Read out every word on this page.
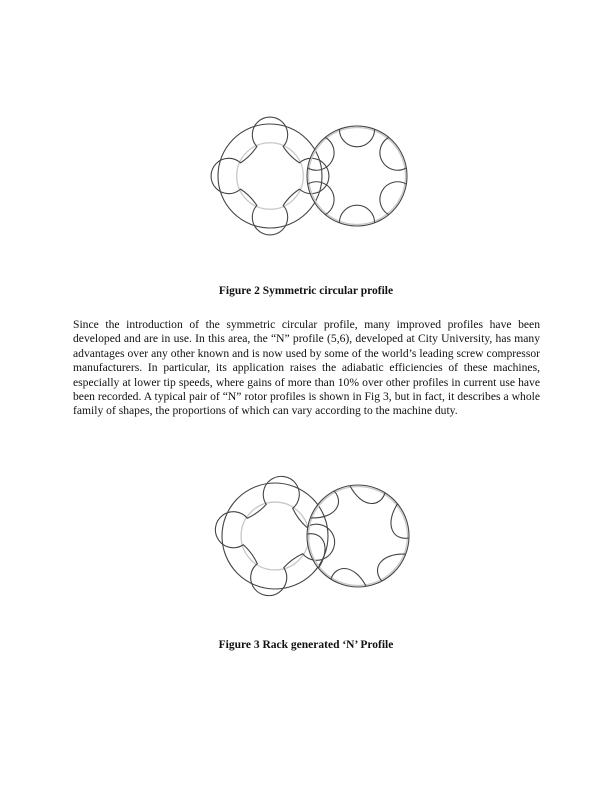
Figure 2 Symmetric circular profile
Since the introduction of the symmetric circular profile, many improved profiles have been developed and are in use. In this area, the “N” profile (5,6), developed at City University, has many advantages over any other known and is now used by some of the world’s leading screw compressor manufacturers. In particular, its application raises the adiabatic efficiencies of these machines, especially at lower tip speeds, where gains of more than 10% over other profiles in current use have been recorded. A typical pair of “N” rotor profiles is shown in Fig 3, but in fact, it describes a whole family of shapes, the proportions of which can vary according to the machine duty.
Figure 3 Rack generated ‘N’ Profile
